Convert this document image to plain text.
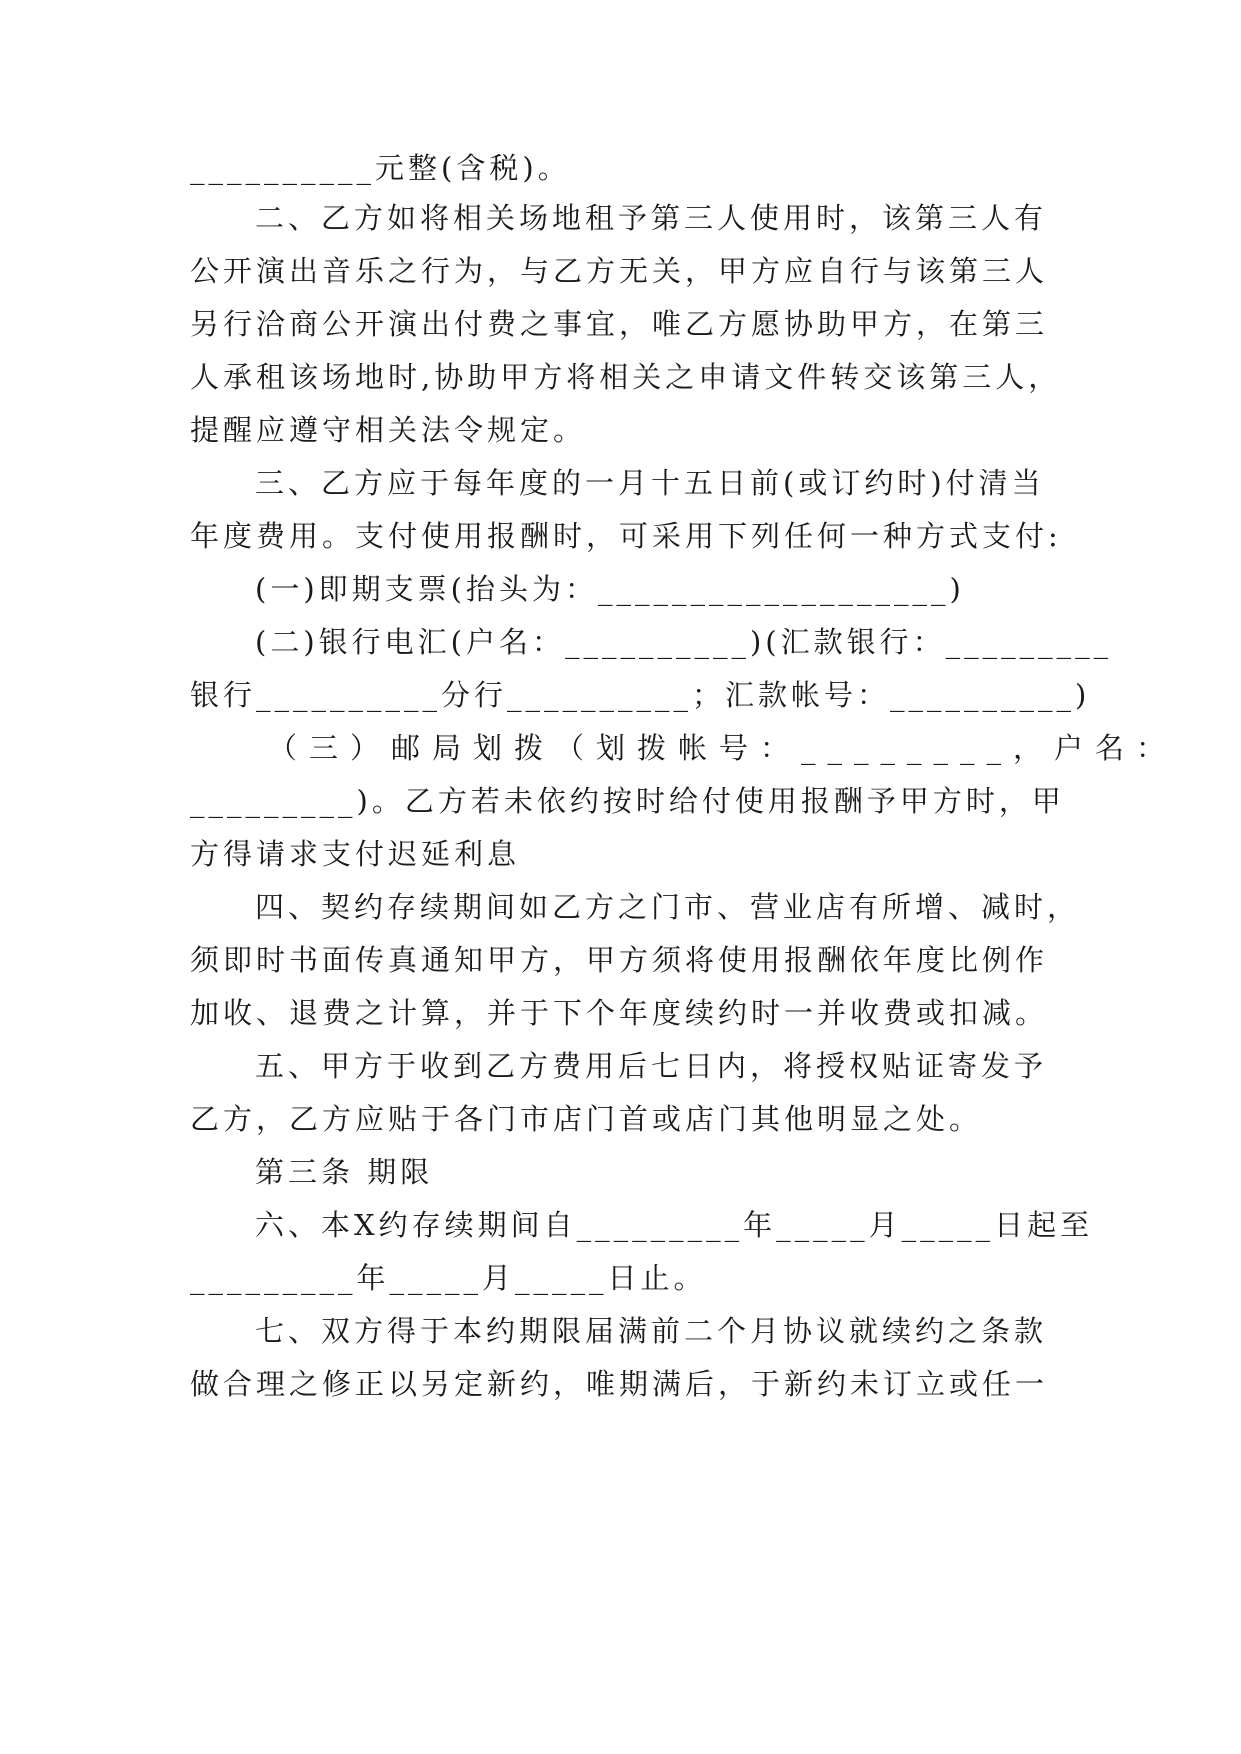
__________元整(含税)。
二、乙方如将相关场地租予第三人使用时，该第三人有
公开演出音乐之行为，与乙方无关，甲方应自行与该第三人
另行洽商公开演出付费之事宜，唯乙方愿协助甲方，在第三
人承租该场地时,协助甲方将相关之申请文件转交该第三人，
提醒应遵守相关法令规定。
三、乙方应于每年度的一月十五日前(或订约时)付清当
年度费用。支付使用报酬时，可采用下列任何一种方式支付:
(一)即期支票(抬头为：___________________)
(二)银行电汇(户名：__________)(汇款银行：_________
银行__________分行__________；汇款帐号：__________)
（三）邮局划拨（划拨帐号：________，户名：
_________)。乙方若未依约按时给付使用报酬予甲方时，甲
方得请求支付迟延利息
四、契约存续期间如乙方之门市、营业店有所增、减时，
须即时书面传真通知甲方，甲方须将使用报酬依年度比例作
加收、退费之计算，并于下个年度续约时一并收费或扣减。
五、甲方于收到乙方费用后七日内，将授权贴证寄发予
乙方，乙方应贴于各门市店门首或店门其他明显之处。
第三条 期限
六、本X约存续期间自_________年_____月_____日起至
_________年_____月_____日止。
七、双方得于本约期限届满前二个月协议就续约之条款
做合理之修正以另定新约，唯期满后，于新约未订立或任一
